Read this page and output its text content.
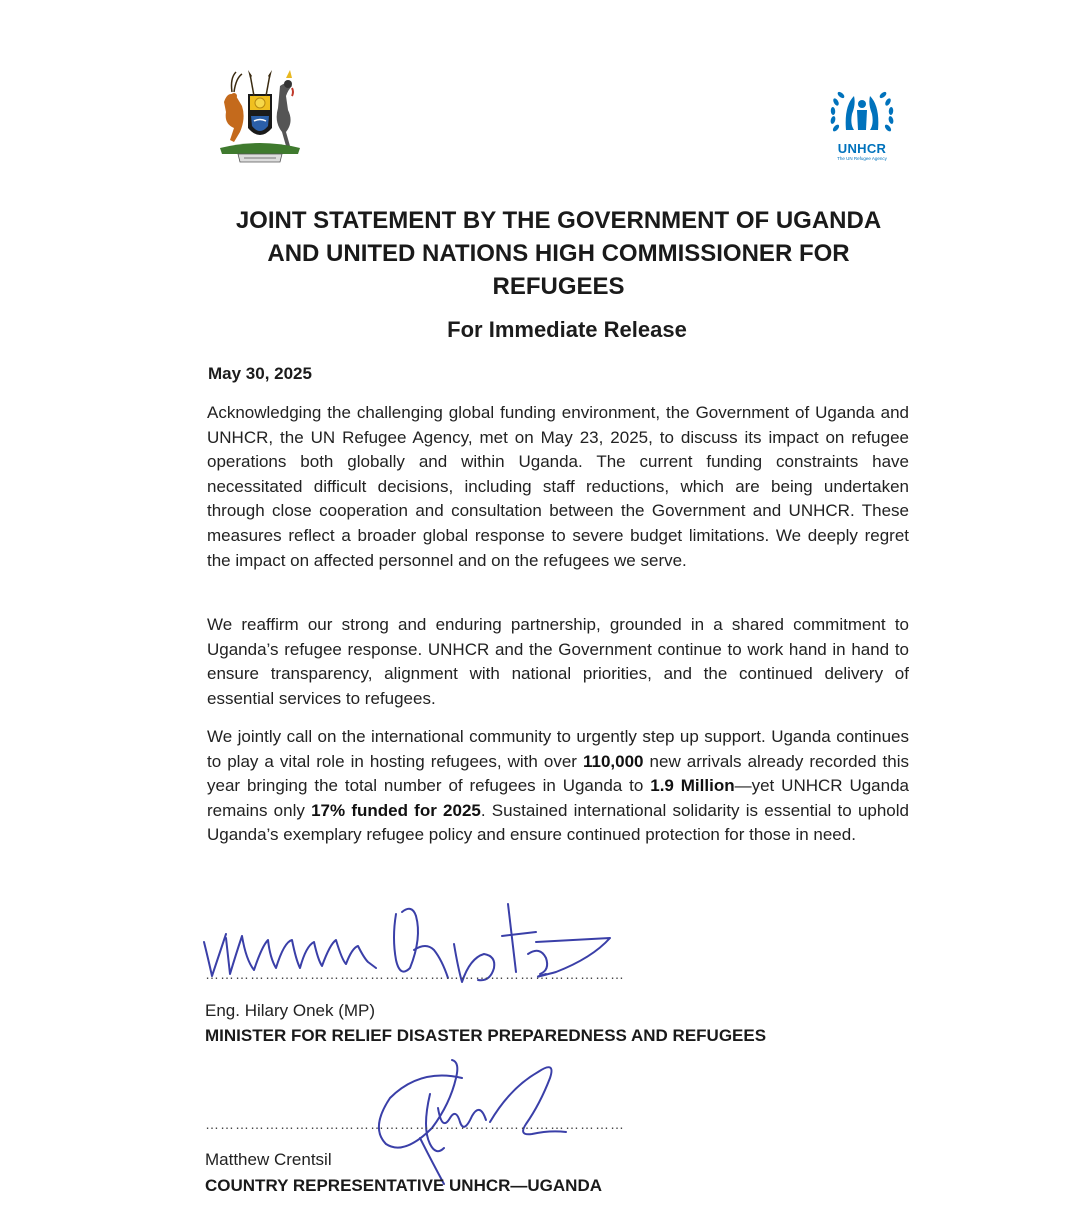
UNHCR
The UN Refugee Agency
JOINT STATEMENT BY THE GOVERNMENT OF UGANDA
AND UNITED NATIONS HIGH COMMISSIONER FOR
REFUGEES
For Immediate Release
May 30, 2025

Acknowledging the challenging global funding environment, the Government of Uganda and UNHCR, the UN Refugee Agency, met on May 23, 2025, to discuss its impact on refugee operations both globally and within Uganda. The current funding constraints have necessitated difficult decisions, including staff reductions, which are being undertaken through close cooperation and consultation between the Government and UNHCR. These measures reflect a broader global response to severe budget limitations. We deeply regret the impact on affected personnel and on the refugees we serve.

We reaffirm our strong and enduring partnership, grounded in a shared commitment to Uganda’s refugee response. UNHCR and the Government continue to work hand in hand to ensure transparency, alignment with national priorities, and the continued delivery of essential services to refugees.

We jointly call on the international community to urgently step up support. Uganda continues to play a vital role in hosting refugees, with over 110,000 new arrivals already recorded this year bringing the total number of refugees in Uganda to 1.9 Million—yet UNHCR Uganda remains only 17% funded for 2025. Sustained international solidarity is essential to uphold Uganda’s exemplary refugee policy and ensure continued protection for those in need.

…………………………………………………………………………
Eng. Hilary Onek (MP)
MINISTER FOR RELIEF DISASTER PREPAREDNESS AND REFUGEES
…………………………………………………………………………
Matthew Crentsil
COUNTRY REPRESENTATIVE UNHCR—UGANDA
